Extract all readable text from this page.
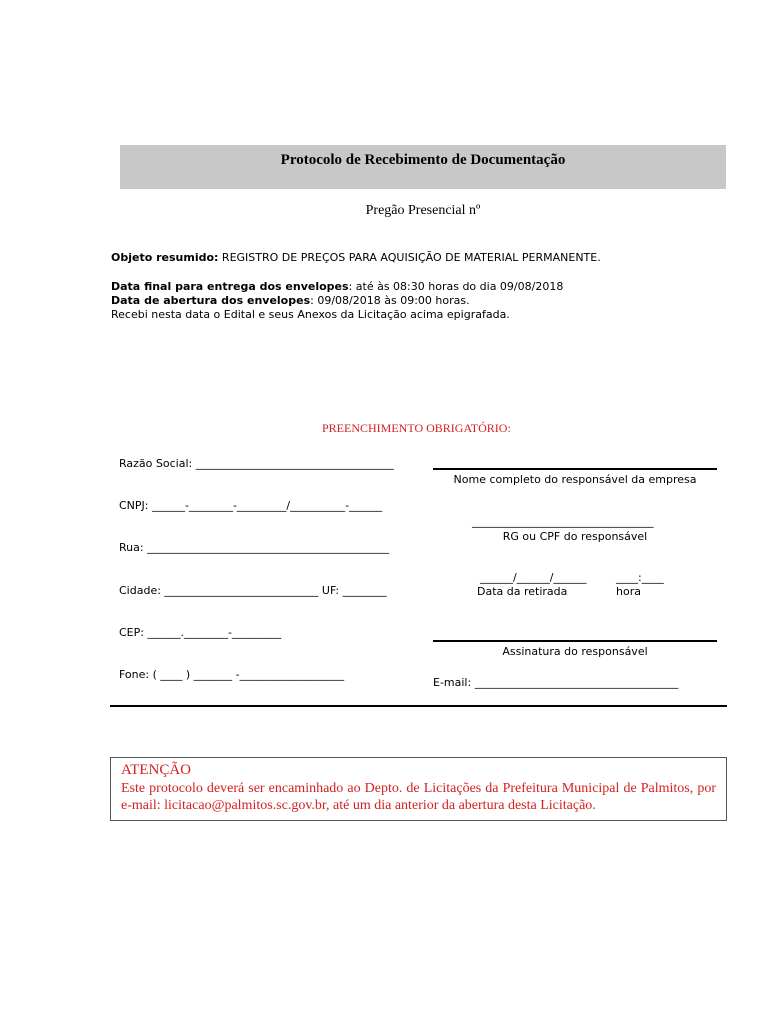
Protocolo de Recebimento de Documentação
Pregão Presencial nº
Objeto resumido: REGISTRO DE PREÇOS PARA AQUISIÇÃO DE MATERIAL PERMANENTE.
Data final para entrega dos envelopes: até às 08:30 horas do dia 09/08/2018
Data de abertura dos envelopes: 09/08/2018 às 09:00 horas.
Recebi nesta data o Edital e seus Anexos da Licitação acima epigrafada.
PREENCHIMENTO OBRIGATÓRIO:
Razão Social: ____________________________________
CNPJ: ______-________-_________/__________-______
Rua: ____________________________________________
Cidade: ____________________________ UF: ________
CEP: ______.________-_________
Fone: ( ____ ) _______ -___________________
Nome completo do responsável da empresa
_________________________________
RG ou CPF do responsável
______/______/______
Data da retirada
____:____
hora
Assinatura do responsável
E-mail: _____________________________________
ATENÇÃO
Este protocolo deverá ser encaminhado ao Depto. de Licitações da Prefeitura Municipal de Palmitos, por e-mail: licitacao@palmitos.sc.gov.br, até um dia anterior da abertura desta Licitação.
